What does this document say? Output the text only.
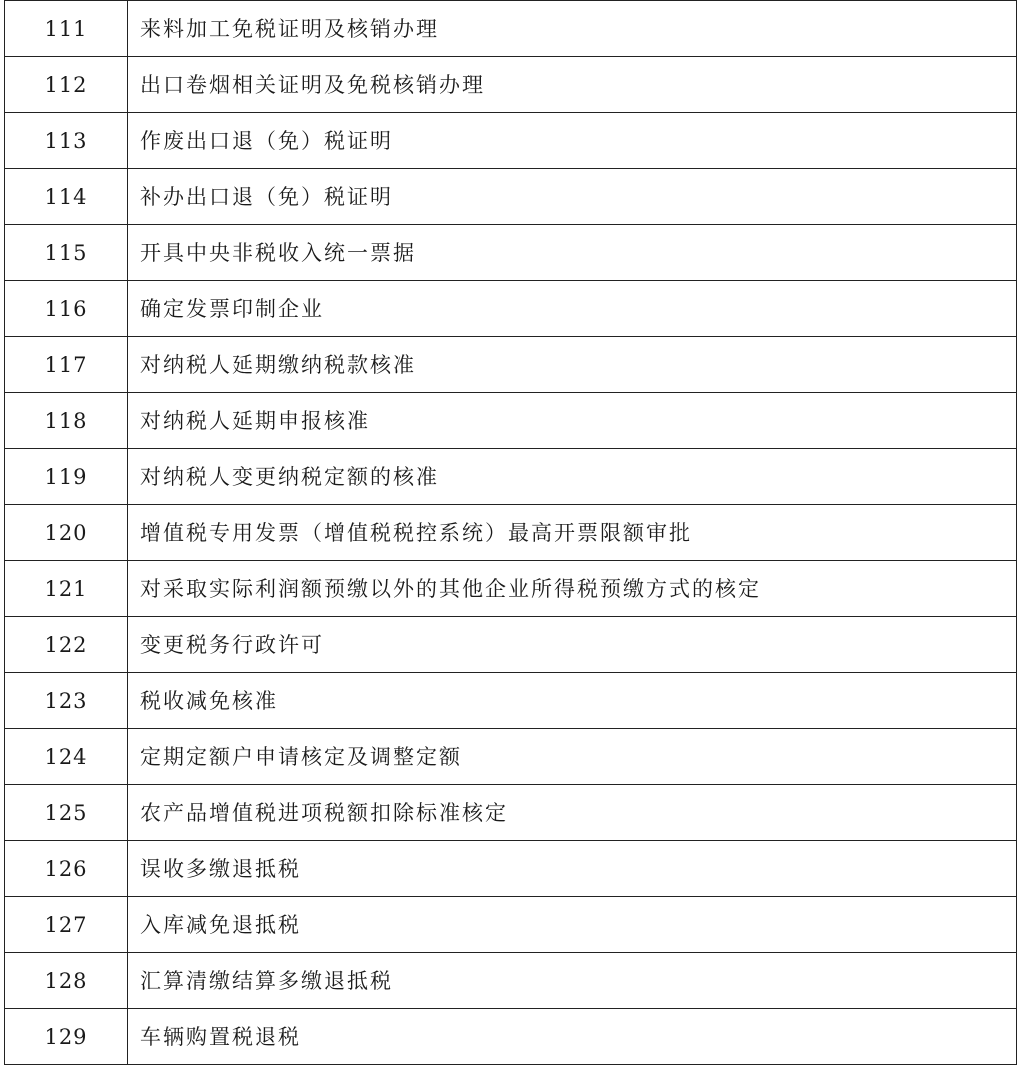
111	来料加工免税证明及核销办理
112	出口卷烟相关证明及免税核销办理
113	作废出口退（免）税证明
114	补办出口退（免）税证明
115	开具中央非税收入统一票据
116	确定发票印制企业
117	对纳税人延期缴纳税款核准
118	对纳税人延期申报核准
119	对纳税人变更纳税定额的核准
120	增值税专用发票（增值税税控系统）最高开票限额审批
121	对采取实际利润额预缴以外的其他企业所得税预缴方式的核定
122	变更税务行政许可
123	税收减免核准
124	定期定额户申请核定及调整定额
125	农产品增值税进项税额扣除标准核定
126	误收多缴退抵税
127	入库减免退抵税
128	汇算清缴结算多缴退抵税
129	车辆购置税退税
